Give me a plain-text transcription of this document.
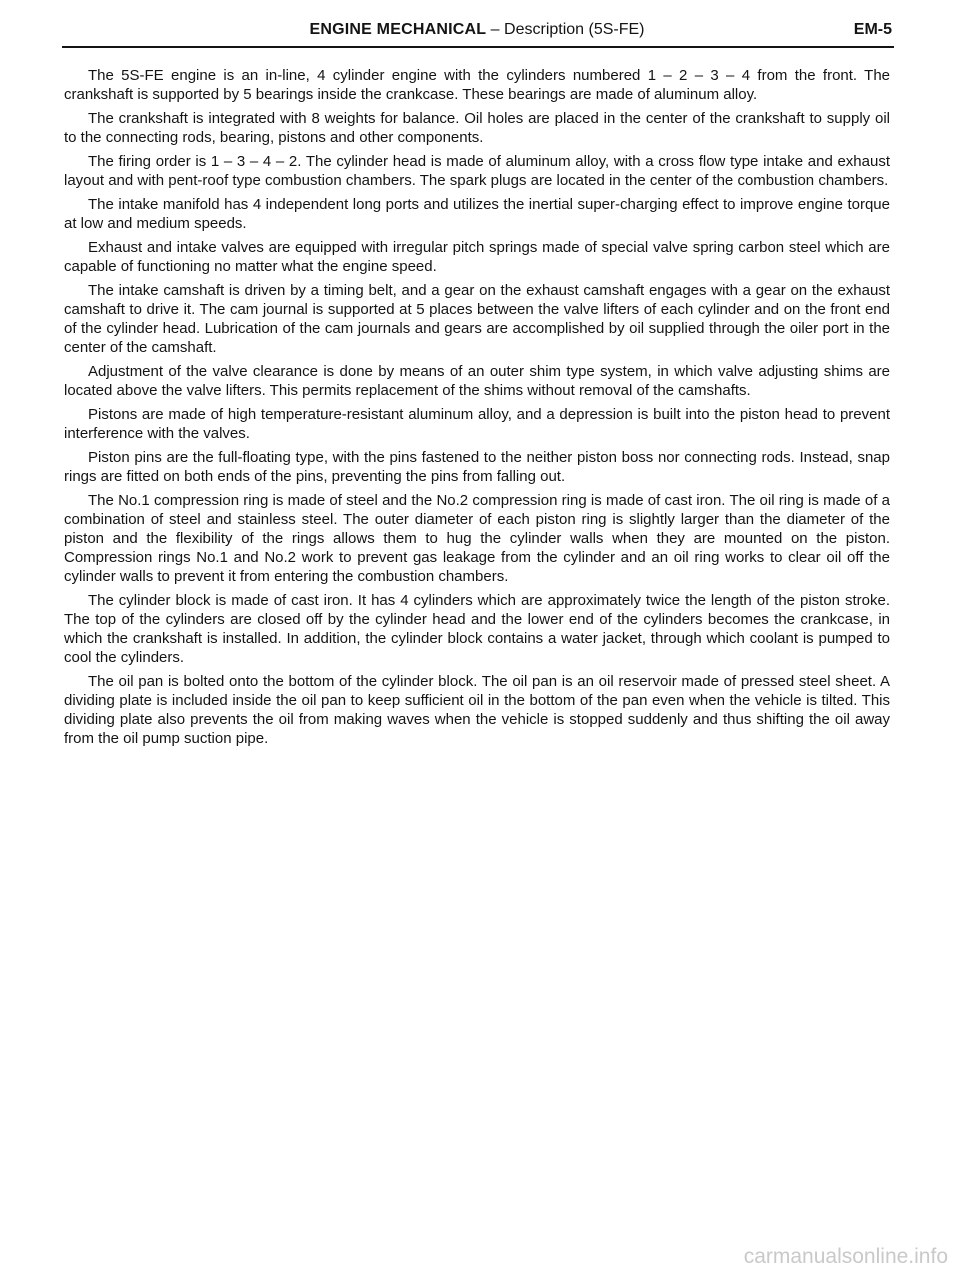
ENGINE MECHANICAL – Description (5S-FE)	EM-5

The 5S-FE engine is an in-line, 4 cylinder engine with the cylinders numbered 1 – 2 – 3 – 4 from the front. The crankshaft is supported by 5 bearings inside the crankcase. These bearings are made of aluminum alloy.

The crankshaft is integrated with 8 weights for balance. Oil holes are placed in the center of the crankshaft to supply oil to the connecting rods, bearing, pistons and other components.

The firing order is 1 – 3 – 4 – 2. The cylinder head is made of aluminum alloy, with a cross flow type intake and exhaust layout and with pent-roof type combustion chambers. The spark plugs are located in the center of the combustion chambers.

The intake manifold has 4 independent long ports and utilizes the inertial super-charging effect to improve engine torque at low and medium speeds.

Exhaust and intake valves are equipped with irregular pitch springs made of special valve spring carbon steel which are capable of functioning no matter what the engine speed.

The intake camshaft is driven by a timing belt, and a gear on the exhaust camshaft engages with a gear on the exhaust camshaft to drive it. The cam journal is supported at 5 places between the valve lifters of each cylinder and on the front end of the cylinder head. Lubrication of the cam journals and gears are accomplished by oil supplied through the oiler port in the center of the camshaft.

Adjustment of the valve clearance is done by means of an outer shim type system, in which valve adjusting shims are located above the valve lifters. This permits replacement of the shims without removal of the camshafts.

Pistons are made of high temperature-resistant aluminum alloy, and a depression is built into the piston head to prevent interference with the valves.

Piston pins are the full-floating type, with the pins fastened to the neither piston boss nor connecting rods. Instead, snap rings are fitted on both ends of the pins, preventing the pins from falling out.

The No.1 compression ring is made of steel and the No.2 compression ring is made of cast iron. The oil ring is made of a combination of steel and stainless steel. The outer diameter of each piston ring is slightly larger than the diameter of the piston and the flexibility of the rings allows them to hug the cylinder walls when they are mounted on the piston. Compression rings No.1 and No.2 work to prevent gas leakage from the cylinder and an oil ring works to clear oil off the cylinder walls to prevent it from entering the combustion chambers.

The cylinder block is made of cast iron. It has 4 cylinders which are approximately twice the length of the piston stroke. The top of the cylinders are closed off by the cylinder head and the lower end of the cylinders becomes the crankcase, in which the crankshaft is installed. In addition, the cylinder block contains a water jacket, through which coolant is pumped to cool the cylinders.

The oil pan is bolted onto the bottom of the cylinder block. The oil pan is an oil reservoir made of pressed steel sheet. A dividing plate is included inside the oil pan to keep sufficient oil in the bottom of the pan even when the vehicle is tilted. This dividing plate also prevents the oil from making waves when the vehicle is stopped suddenly and thus shifting the oil away from the oil pump suction pipe.

carmanualsonline.info
